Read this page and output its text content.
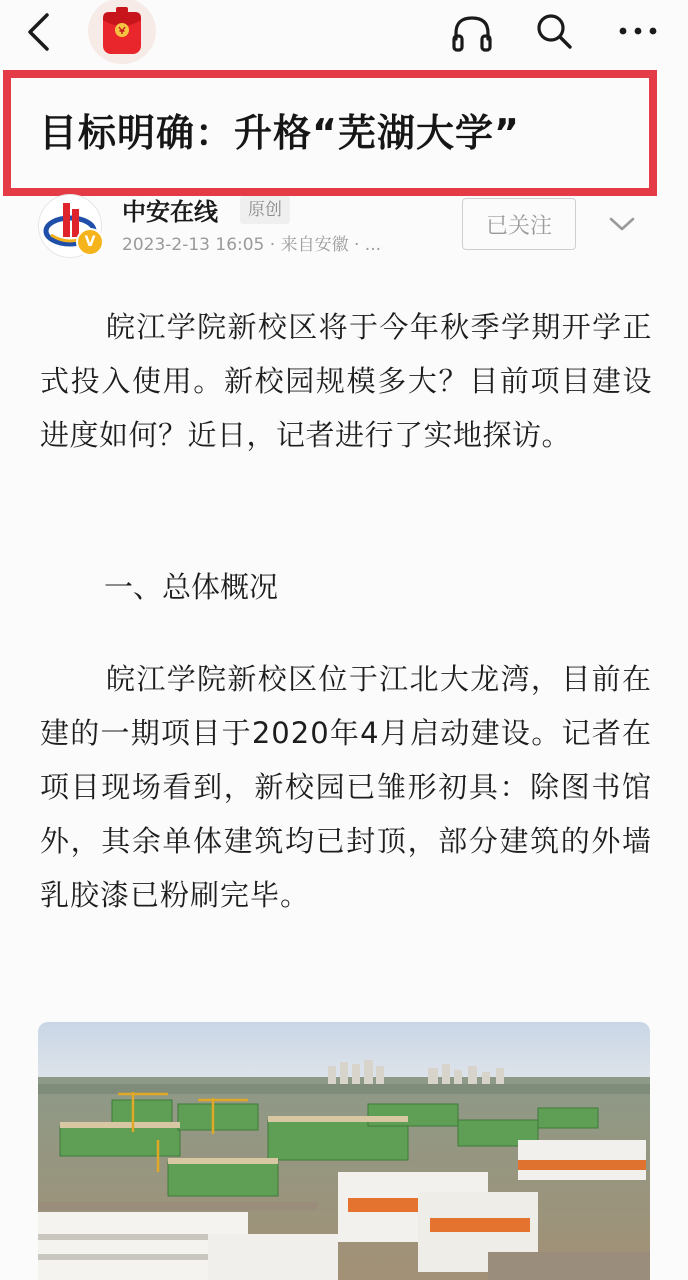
目标明确：升格“芜湖大学”
V
中安在线	原创
2023-2-13 16:05 · 来自安徽 · ...
已关注
皖江学院新校区将于今年秋季学期开学正式投入使用。新校园规模多大？目前项目建设进度如何？近日，记者进行了实地探访。
一、总体概况
皖江学院新校区位于江北大龙湾，目前在建的一期项目于2020年4月启动建设。记者在项目现场看到，新校园已雏形初具：除图书馆外，其余单体建筑均已封顶，部分建筑的外墙乳胶漆已粉刷完毕。
